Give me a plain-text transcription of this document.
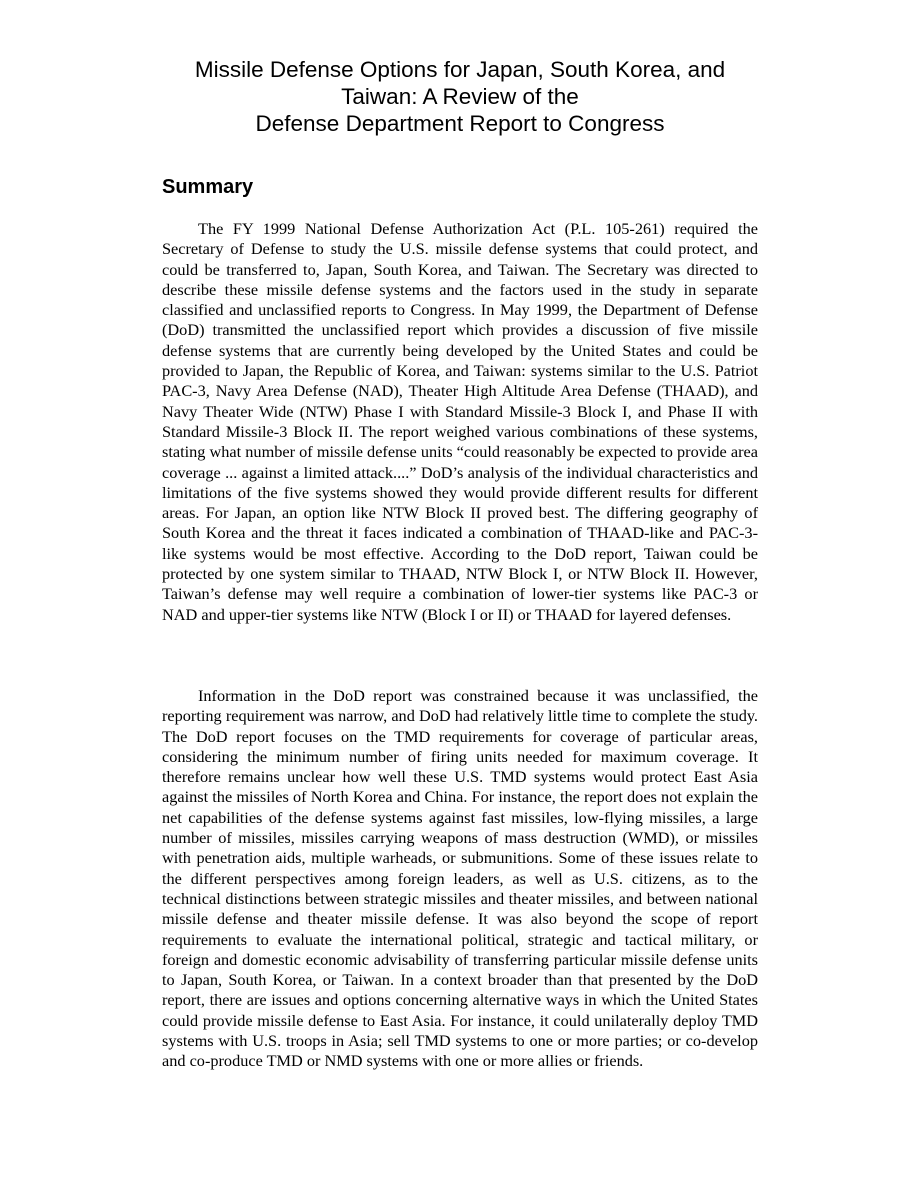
Missile Defense Options for Japan, South Korea, and
Taiwan: A Review of the
Defense Department Report to Congress
Summary

The FY 1999 National Defense Authorization Act (P.L. 105-261) required the Secretary of Defense to study the U.S. missile defense systems that could protect, and could be transferred to, Japan, South Korea, and Taiwan. The Secretary was directed to describe these missile defense systems and the factors used in the study in separate classified and unclassified reports to Congress. In May 1999, the Department of Defense (DoD) transmitted the unclassified report which provides a discussion of five missile defense systems that are currently being developed by the United States and could be provided to Japan, the Republic of Korea, and Taiwan: systems similar to the U.S. Patriot PAC-3, Navy Area Defense (NAD), Theater High Altitude Area Defense (THAAD), and Navy Theater Wide (NTW) Phase I with Standard Missile-3 Block I, and Phase II with Standard Missile-3 Block II. The report weighed various combinations of these systems, stating what number of missile defense units “could reasonably be expected to provide area coverage ... against a limited attack....” DoD’s analysis of the individual characteristics and limitations of the five systems showed they would provide different results for different areas. For Japan, an option like NTW Block II proved best. The differing geography of South Korea and the threat it faces indicated a combination of THAAD-like and PAC-3-like systems would be most effective. According to the DoD report, Taiwan could be protected by one system similar to THAAD, NTW Block I, or NTW Block II. However, Taiwan’s defense may well require a combination of lower-tier systems like PAC-3 or NAD and upper-tier systems like NTW (Block I or II) or THAAD for layered defenses.

Information in the DoD report was constrained because it was unclassified, the reporting requirement was narrow, and DoD had relatively little time to complete the study. The DoD report focuses on the TMD requirements for coverage of particular areas, considering the minimum number of firing units needed for maximum coverage. It therefore remains unclear how well these U.S. TMD systems would protect East Asia against the missiles of North Korea and China. For instance, the report does not explain the net capabilities of the defense systems against fast missiles, low-flying missiles, a large number of missiles, missiles carrying weapons of mass destruction (WMD), or missiles with penetration aids, multiple warheads, or submunitions. Some of these issues relate to the different perspectives among foreign leaders, as well as U.S. citizens, as to the technical distinctions between strategic missiles and theater missiles, and between national missile defense and theater missile defense. It was also beyond the scope of report requirements to evaluate the international political, strategic and tactical military, or foreign and domestic economic advisability of transferring particular missile defense units to Japan, South Korea, or Taiwan. In a context broader than that presented by the DoD report, there are issues and options concerning alternative ways in which the United States could provide missile defense to East Asia. For instance, it could unilaterally deploy TMD systems with U.S. troops in Asia; sell TMD systems to one or more parties; or co-develop and co-produce TMD or NMD systems with one or more allies or friends.
